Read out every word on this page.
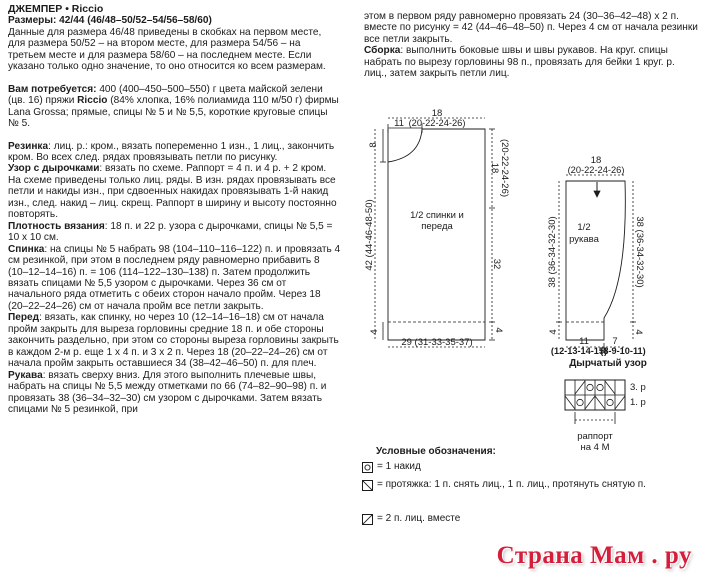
ДЖЕМПЕР • Riccio

Размеры: 42/44 (46/48–50/52–54/56–58/60)

Данные для размера 46/48 приведены в скобках на первом месте, для размера 50/52 – на втором месте, для размера 54/56 – на третьем месте и для размера 58/60 – на последнем месте. Если указано только одно значение, то оно относится ко всем размерам.

Вам потребуется: 400 (400–450–500–550) г цвета майской зелени (цв. 16) пряжи Riccio (84% хлопка, 16% полиамида 110 м/50 г) фирмы Lana Grossa; прямые, спицы № 5 и № 5,5, короткие круговые спицы № 5.

Резинка: лиц. р.: кром., вязать попеременно 1 изн., 1 лиц., закончить кром. Во всех след. рядах провязывать петли по рисунку.

Узор с дырочками: вязать по схеме. Раппорт = 4 п. и 4 р. + 2 кром. На схеме приведены только лиц. ряды. В изн. рядах провязывать все петли и накиды изн., при сдвоенных накидах провязывать 1-й накид изн., след. накид – лиц. скрещ. Раппорт в ширину и высоту постоянно повторять.

Плотность вязания: 18 п. и 22 р. узора с дырочками, спицы № 5,5 = 10 х 10 см.

Спинка: на спицы № 5 набрать 98 (104–110–116–122) п. и провязать 4 см резинкой, при этом в последнем ряду равномерно прибавить 8 (10–12–14–16) п. = 106 (114–122–130–138) п. Затем продолжить вязать спицами № 5,5 узором с дырочками. Через 36 см от начального ряда отметить с обеих сторон начало пройм. Через 18 (20–22–24–26) см от начала пройм все петли закрыть.

Перед: вязать, как спинку, но через 10 (12–14–16–18) см от начала пройм закрыть для выреза горловины средние 18 п. и обе стороны закончить раздельно, при этом со стороны выреза горловины закрыть в каждом 2-м р. еще 1 х 4 п. и 3 х 2 п. Через 18 (20–22–24–26) см от начала пройм закрыть оставшиеся 34 (38–42–46–50) п. для плеч.

Рукава: вязать сверху вниз. Для этого выполнить плечевые швы, набрать на спицы № 5,5 между отметками по 66 (74–82–90–98) п. и провязать 38 (36–34–32–30) см узором с дырочками. Затем вязать спицами № 5 резинкой, при

этом в первом ряду равномерно провязать 24 (30–36–42–48) х 2 п. вместе по рисунку = 42 (44–46–48–50) п. Через 4 см от начала резинки все петли закрыть.

Сборка: выполнить боковые швы и швы рукавов. На круг. спицы набрать по вырезу горловины 98 п., провязать для бейки 1 круг. р. лиц., затем закрыть петли лиц.

18
(20-22-24-26)
11
8
42 (44-46-48-50)
4
18 (20-22-24-26)
32
4
29 (31-33-35-37)
1/2 спинки и
переда
18
(20-22-24-26)
38 (36-34-32-30)	38 (36-34-32-30)
4	4
1/2
рукава
11
(12-13-14-15)
7
(8-9-10-11)
Дырчатый узор
3. р
1. р
раппорт
на 4 М
Условные обозначения:
= 1 накид
= протяжка: 1 п. снять лиц., 1 п. лиц., протянуть снятую п.
= 2 п. лиц. вместе
Страна Мам . ру
